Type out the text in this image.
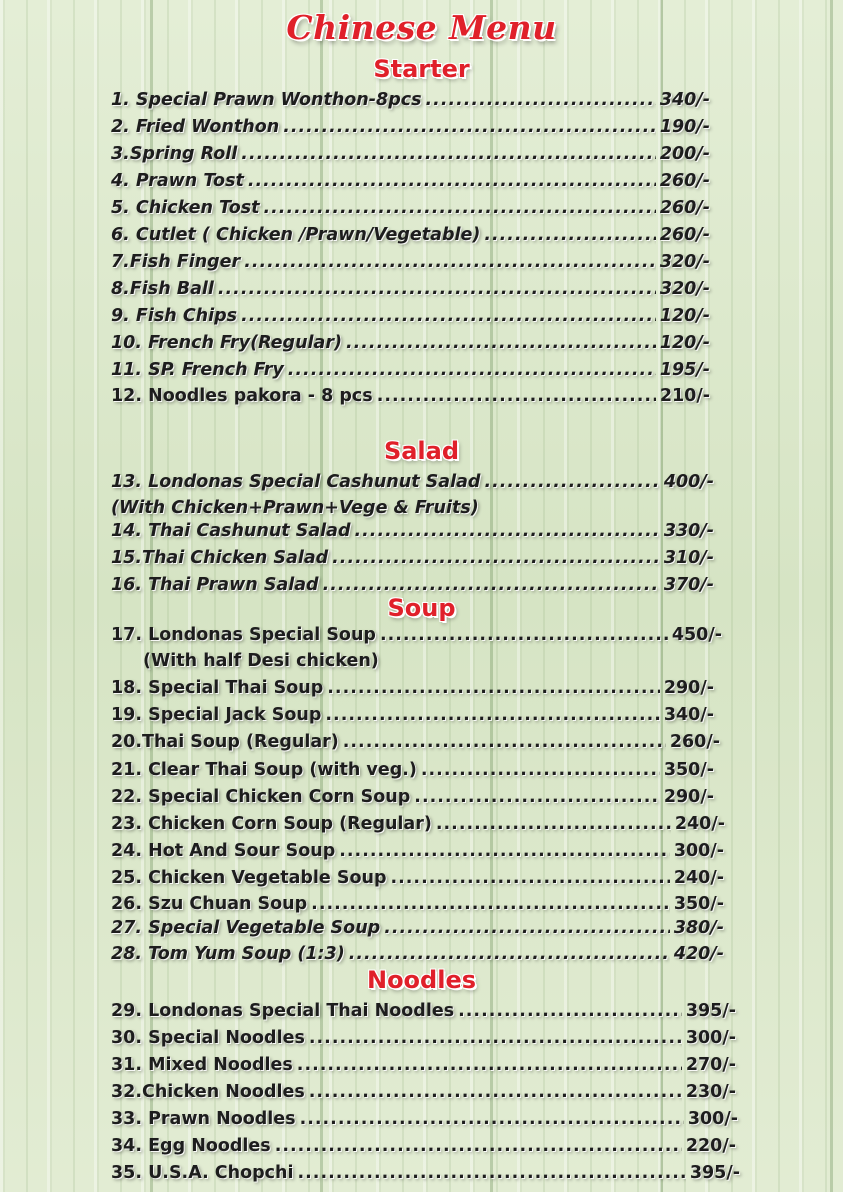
Chinese Menu
Starter
1. Special Prawn Wonthon-8pcs .....	340/-
2. Fried Wonthon .....	190/-
3.Spring Roll .....	200/-
4. Prawn Tost .....	260/-
5. Chicken Tost .....	260/-
6. Cutlet ( Chicken /Prawn/Vegetable) .....	260/-
7.Fish Finger .....	320/-
8.Fish Ball .....	320/-
9. Fish Chips .....	120/-
10. French Fry(Regular) .....	120/-
11. SP. French Fry .....	195/-
12. Noodles pakora - 8 pcs .....	210/-
Salad
13. Londonas Special Cashunut Salad .....	400/-
(With Chicken+Prawn+Vege & Fruits)
14. Thai Cashunut Salad .....	330/-
15.Thai Chicken Salad .....	310/-
16. Thai Prawn Salad .....	370/-
Soup
17. Londonas Special Soup .....	450/-
(With half Desi chicken)
18. Special Thai Soup .....	290/-
19. Special Jack Soup .....	340/-
20.Thai Soup (Regular) .....	260/-
21. Clear Thai Soup (with veg.) .....	350/-
22. Special Chicken Corn Soup .....	290/-
23. Chicken Corn Soup (Regular) .....	240/-
24. Hot And Sour Soup .....	300/-
25. Chicken Vegetable Soup .....	240/-
26. Szu Chuan Soup .....	350/-
27. Special Vegetable Soup .....	380/-
28. Tom Yum Soup (1:3) .....	420/-
Noodles
29. Londonas Special Thai Noodles .....	395/-
30. Special Noodles .....	300/-
31. Mixed Noodles .....	270/-
32.Chicken Noodles .....	230/-
33. Prawn Noodles .....	300/-
34. Egg Noodles .....	220/-
35. U.S.A. Chopchi .....	395/-
